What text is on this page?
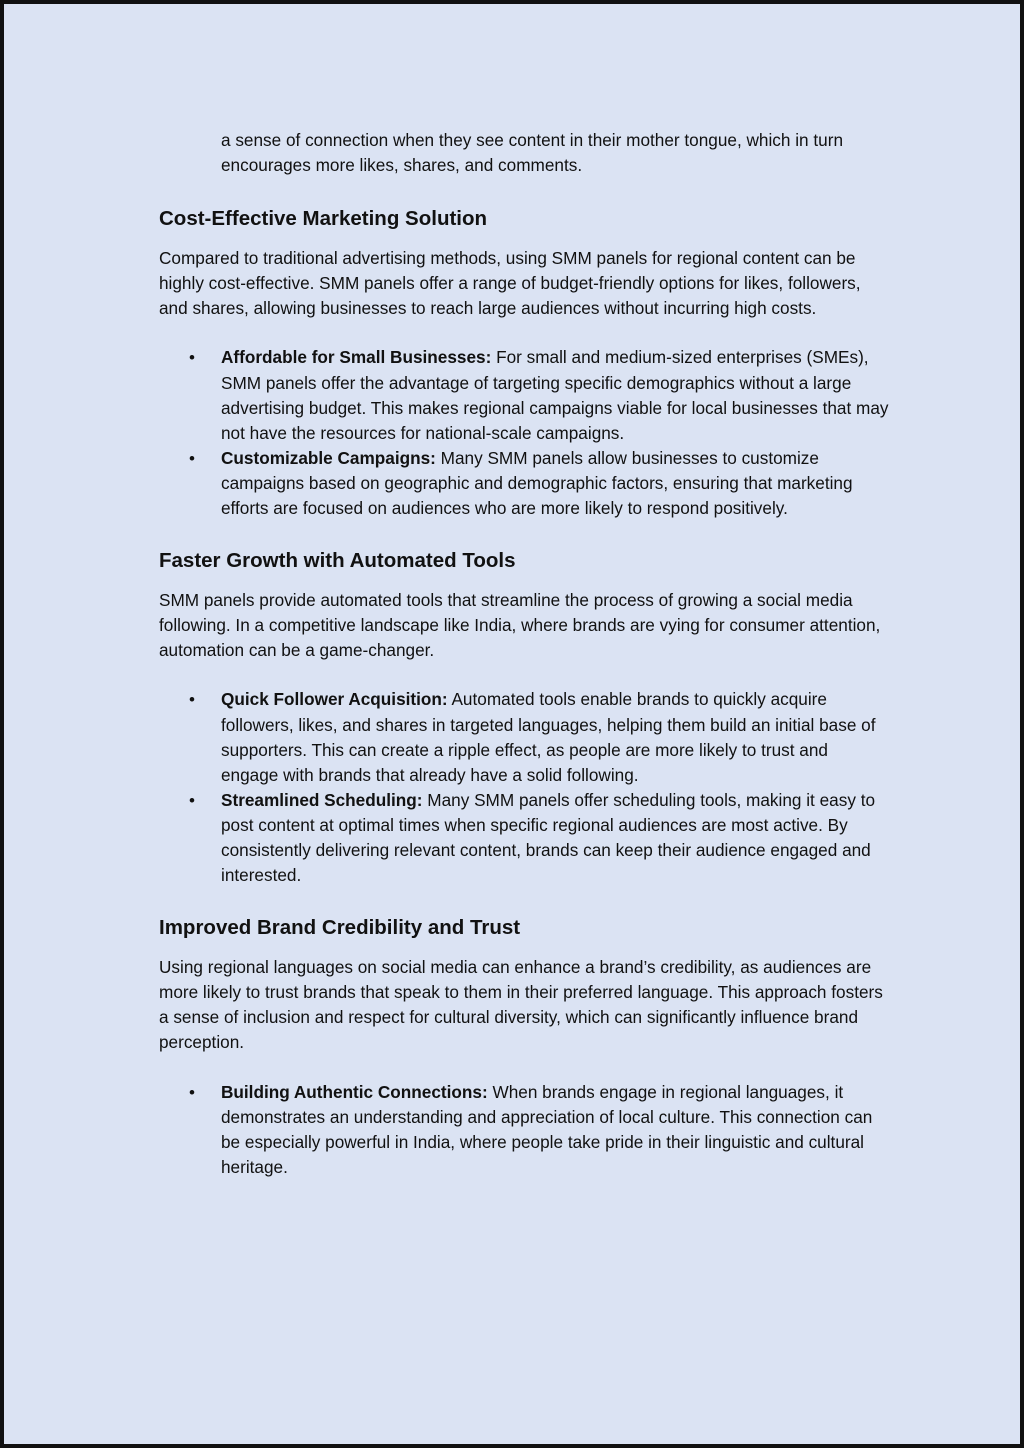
a sense of connection when they see content in their mother tongue, which in turn encourages more likes, shares, and comments.

Cost-Effective Marketing Solution

Compared to traditional advertising methods, using SMM panels for regional content can be highly cost-effective. SMM panels offer a range of budget-friendly options for likes, followers, and shares, allowing businesses to reach large audiences without incurring high costs.

• Affordable for Small Businesses: For small and medium-sized enterprises (SMEs), SMM panels offer the advantage of targeting specific demographics without a large advertising budget. This makes regional campaigns viable for local businesses that may not have the resources for national-scale campaigns.
• Customizable Campaigns: Many SMM panels allow businesses to customize campaigns based on geographic and demographic factors, ensuring that marketing efforts are focused on audiences who are more likely to respond positively.
Faster Growth with Automated Tools

SMM panels provide automated tools that streamline the process of growing a social media following. In a competitive landscape like India, where brands are vying for consumer attention, automation can be a game-changer.

• Quick Follower Acquisition: Automated tools enable brands to quickly acquire followers, likes, and shares in targeted languages, helping them build an initial base of supporters. This can create a ripple effect, as people are more likely to trust and engage with brands that already have a solid following.
• Streamlined Scheduling: Many SMM panels offer scheduling tools, making it easy to post content at optimal times when specific regional audiences are most active. By consistently delivering relevant content, brands can keep their audience engaged and interested.
Improved Brand Credibility and Trust

Using regional languages on social media can enhance a brand’s credibility, as audiences are more likely to trust brands that speak to them in their preferred language. This approach fosters a sense of inclusion and respect for cultural diversity, which can significantly influence brand perception.

• Building Authentic Connections: When brands engage in regional languages, it demonstrates an understanding and appreciation of local culture. This connection can be especially powerful in India, where people take pride in their linguistic and cultural heritage.
